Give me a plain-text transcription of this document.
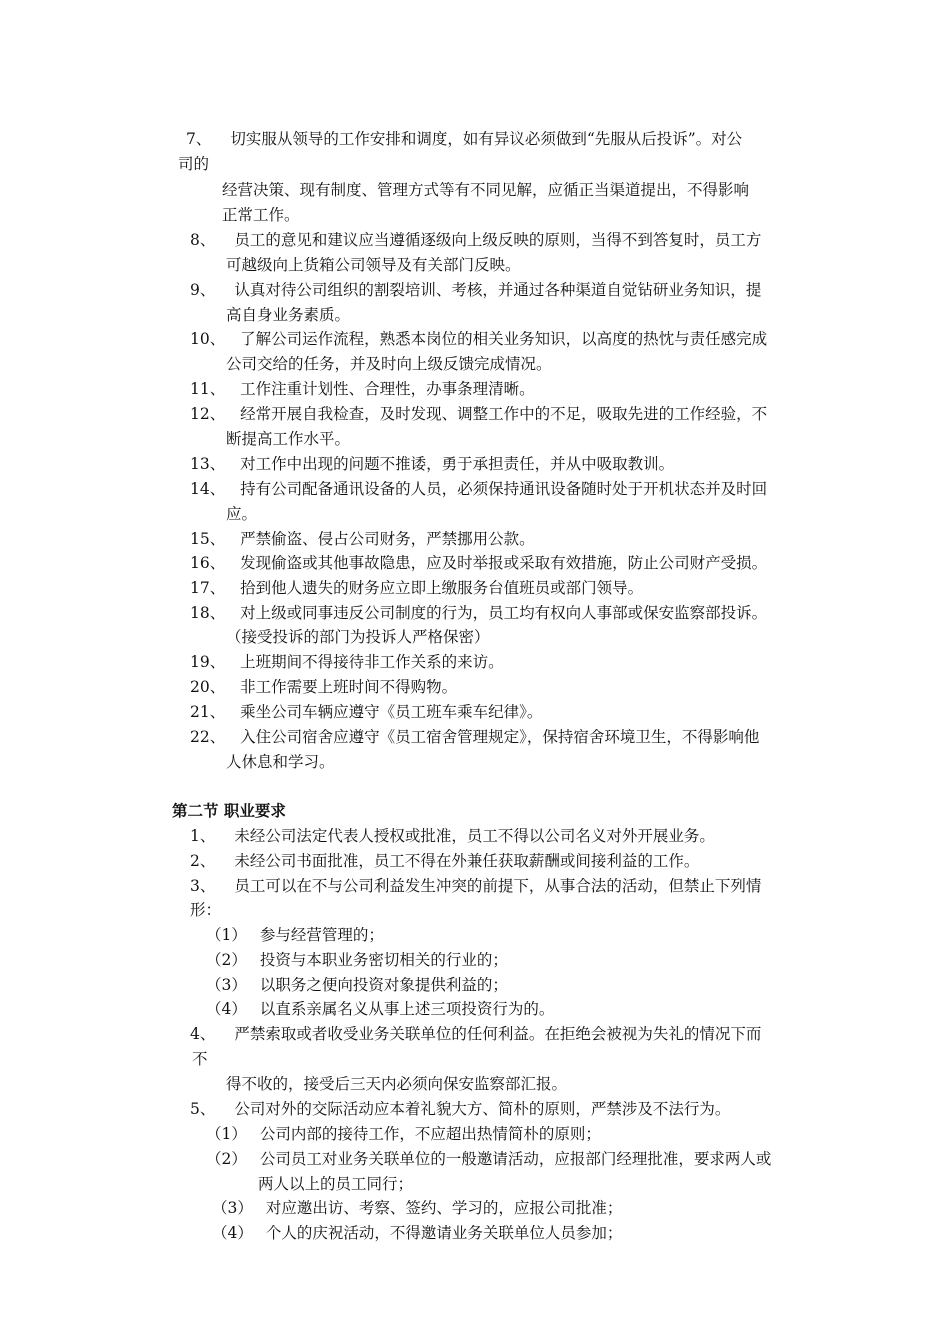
7、 切实服从领导的工作安排和调度，如有异议必须做到“先服从后投诉”。对公
司的
经营决策、现有制度、管理方式等有不同见解，应循正当渠道提出，不得影响
正常工作。
8、 员工的意见和建议应当遵循逐级向上级反映的原则，当得不到答复时，员工方
可越级向上货箱公司领导及有关部门反映。
9、 认真对待公司组织的割裂培训、考核，并通过各种渠道自觉钻研业务知识，提
高自身业务素质。
10、 了解公司运作流程，熟悉本岗位的相关业务知识，以高度的热忱与责任感完成
公司交给的任务，并及时向上级反馈完成情况。
11、 工作注重计划性、合理性，办事条理清晰。
12、 经常开展自我检查，及时发现、调整工作中的不足，吸取先进的工作经验，不
断提高工作水平。
13、 对工作中出现的问题不推诿，勇于承担责任，并从中吸取教训。
14、 持有公司配备通讯设备的人员，必须保持通讯设备随时处于开机状态并及时回
应。
15、 严禁偷盗、侵占公司财务，严禁挪用公款。
16、 发现偷盗或其他事故隐患，应及时举报或采取有效措施，防止公司财产受损。
17、 拾到他人遗失的财务应立即上缴服务台值班员或部门领导。
18、 对上级或同事违反公司制度的行为，员工均有权向人事部或保安监察部投诉。
（接受投诉的部门为投诉人严格保密）
19、 上班期间不得接待非工作关系的来访。
20、 非工作需要上班时间不得购物。
21、 乘坐公司车辆应遵守《员工班车乘车纪律》。
22、 入住公司宿舍应遵守《员工宿舍管理规定》，保持宿舍环境卫生，不得影响他
人休息和学习。
第二节 职业要求
1、 未经公司法定代表人授权或批准，员工不得以公司名义对外开展业务。
2、 未经公司书面批准，员工不得在外兼任获取薪酬或间接利益的工作。
3、 员工可以在不与公司利益发生冲突的前提下，从事合法的活动，但禁止下列情
形：
（1） 参与经营管理的；
（2） 投资与本职业务密切相关的行业的；
（3） 以职务之便向投资对象提供利益的；
（4） 以直系亲属名义从事上述三项投资行为的。
4、 严禁索取或者收受业务关联单位的任何利益。在拒绝会被视为失礼的情况下而
不
得不收的，接受后三天内必须向保安监察部汇报。
5、 公司对外的交际活动应本着礼貌大方、简朴的原则，严禁涉及不法行为。
（1） 公司内部的接待工作，不应超出热情简朴的原则；
（2） 公司员工对业务关联单位的一般邀请活动，应报部门经理批准，要求两人或
两人以上的员工同行；
（3） 对应邀出访、考察、签约、学习的，应报公司批准；
（4） 个人的庆祝活动，不得邀请业务关联单位人员参加；
